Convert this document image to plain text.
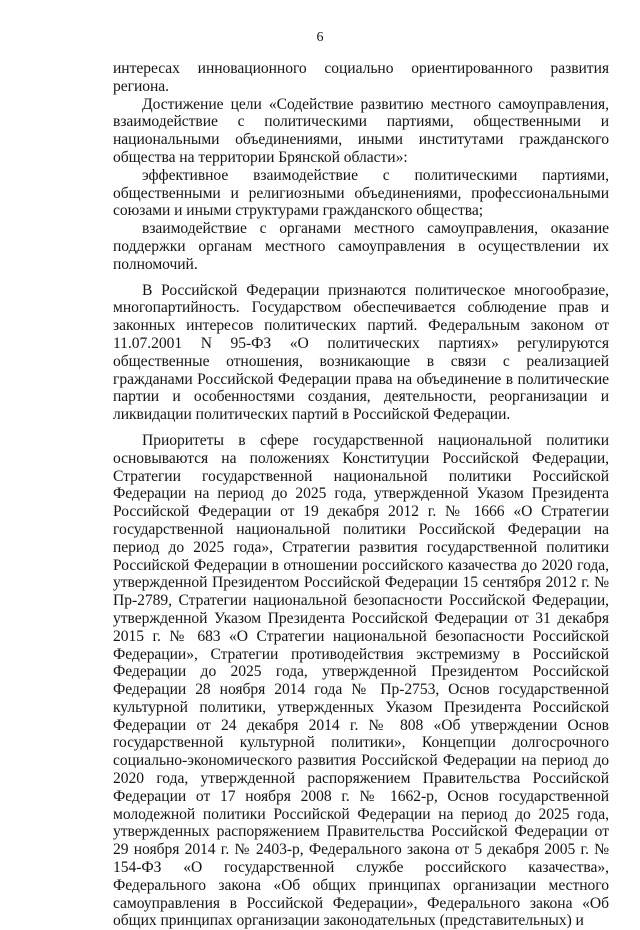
6

интересах инновационного социально ориентированного развития региона.

Достижение цели «Содействие развитию местного самоуправления, взаимодействие с политическими партиями, общественными и национальными объединениями, иными институтами гражданского общества на территории Брянской области»:

эффективное взаимодействие с политическими партиями, общественными и религиозными объединениями, профессиональными союзами и иными структурами гражданского общества;

взаимодействие с органами местного самоуправления, оказание поддержки органам местного самоуправления в осуществлении их полномочий.

В Российской Федерации признаются политическое многообразие, многопартийность. Государством обеспечивается соблюдение прав и законных интересов политических партий. Федеральным законом от 11.07.2001 N 95-ФЗ «О политических партиях» регулируются общественные отношения, возникающие в связи с реализацией гражданами Российской Федерации права на объединение в политические партии и особенностями создания, деятельности, реорганизации и ликвидации политических партий в Российской Федерации.

Приоритеты в сфере государственной национальной политики основываются на положениях Конституции Российской Федерации, Стратегии государственной национальной политики Российской Федерации на период до 2025 года, утвержденной Указом Президента Российской Федерации от 19 декабря 2012 г. № 1666 «О Стратегии государственной национальной политики Российской Федерации на период до 2025 года», Стратегии развития государственной политики Российской Федерации в отношении российского казачества до 2020 года, утвержденной Президентом Российской Федерации 15 сентября 2012 г. № Пр-2789, Стратегии национальной безопасности Российской Федерации, утвержденной Указом Президента Российской Федерации от 31 декабря 2015 г. № 683 «О Стратегии национальной безопасности Российской Федерации», Стратегии противодействия экстремизму в Российской Федерации до 2025 года, утвержденной Президентом Российской Федерации 28 ноября 2014 года № Пр-2753, Основ государственной культурной политики, утвержденных Указом Президента Российской Федерации от 24 декабря 2014 г. № 808 «Об утверждении Основ государственной культурной политики», Концепции долгосрочного социально-экономического развития Российской Федерации на период до 2020 года, утвержденной распоряжением Правительства Российской Федерации от 17 ноября 2008 г. № 1662-р, Основ государственной молодежной политики Российской Федерации на период до 2025 года, утвержденных распоряжением Правительства Российской Федерации от 29 ноября 2014 г. № 2403-р, Федерального закона от 5 декабря 2005 г. № 154-ФЗ «О государственной службе российского казачества», Федерального закона «Об общих принципах организации местного самоуправления в Российской Федерации», Федерального закона «Об общих принципах организации законодательных (представительных) и
